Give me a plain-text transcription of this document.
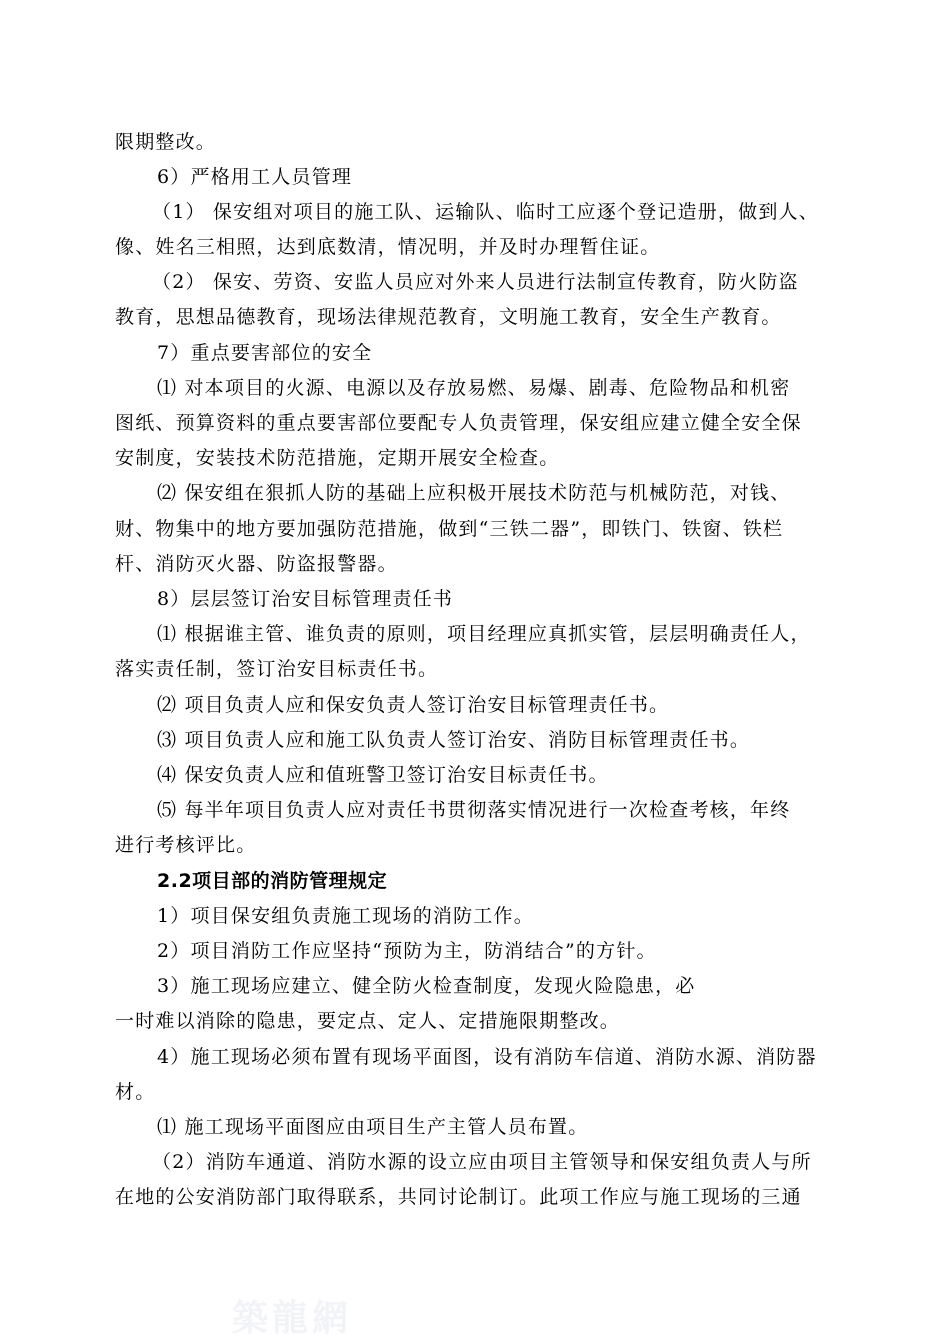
限期整改。
6）严格用工人员管理
（1） 保安组对项目的施工队、运输队、临时工应逐个登记造册，做到人、
像、姓名三相照，达到底数清，情况明，并及时办理暂住证。
（2） 保安、劳资、安监人员应对外来人员进行法制宣传教育，防火防盗
教育，思想品德教育，现场法律规范教育，文明施工教育，安全生产教育。
7）重点要害部位的安全
⑴ 对本项目的火源、电源以及存放易燃、易爆、剧毒、危险物品和机密
图纸、预算资料的重点要害部位要配专人负责管理，保安组应建立健全安全保
安制度，安装技术防范措施，定期开展安全检查。
⑵ 保安组在狠抓人防的基础上应积极开展技术防范与机械防范，对钱、
财、物集中的地方要加强防范措施，做到“三铁二器”，即铁门、铁窗、铁栏
杆、消防灭火器、防盗报警器。
8）层层签订治安目标管理责任书
⑴ 根据谁主管、谁负责的原则，项目经理应真抓实管，层层明确责任人，
落实责任制，签订治安目标责任书。
⑵ 项目负责人应和保安负责人签订治安目标管理责任书。
⑶ 项目负责人应和施工队负责人签订治安、消防目标管理责任书。
⑷ 保安负责人应和值班警卫签订治安目标责任书。
⑸ 每半年项目负责人应对责任书贯彻落实情况进行一次检查考核，年终
进行考核评比。
2.2项目部的消防管理规定
1）项目保安组负责施工现场的消防工作。
2）项目消防工作应坚持“预防为主，防消结合”的方针。
3）施工现场应建立、健全防火检查制度，发现火险隐患，必
一时难以消除的隐患，要定点、定人、定措施限期整改。
4）施工现场必须布置有现场平面图，设有消防车信道、消防水源、消防器
材。
⑴ 施工现场平面图应由项目生产主管人员布置。
（2）消防车通道、消防水源的设立应由项目主管领导和保安组负责人与所
在地的公安消防部门取得联系，共同讨论制订。此项工作应与施工现场的三通
築龍網
